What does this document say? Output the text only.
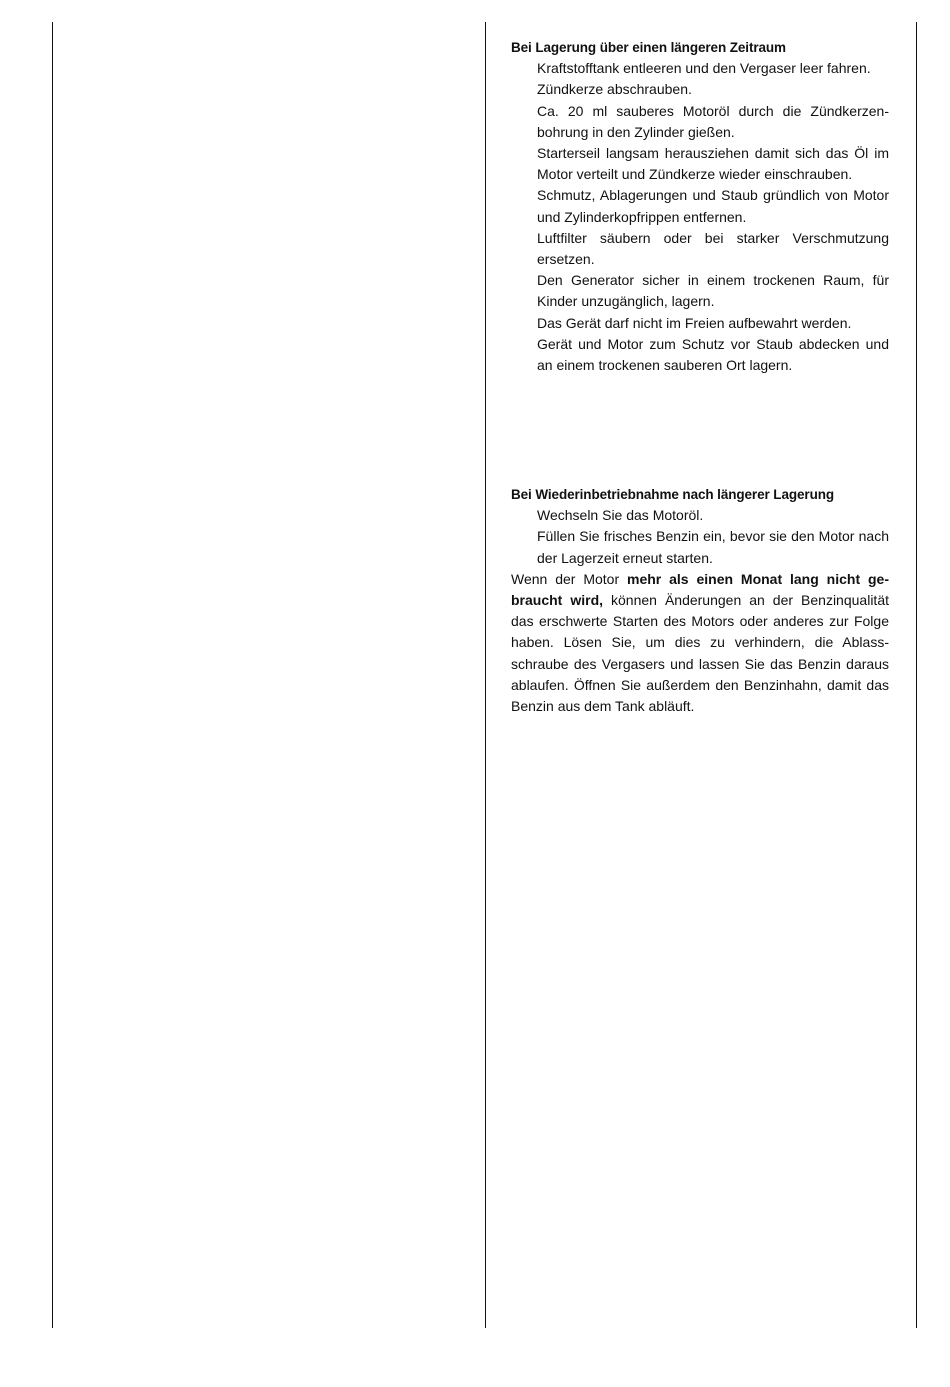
Bei Lagerung über einen längeren Zeitraum
Kraftstofftank entleeren und den Vergaser leer fahren.
Zündkerze abschrauben.
Ca. 20 ml sauberes Motoröl durch die Zündkerzen-bohrung in den Zylinder gießen.
Starterseil langsam herausziehen damit sich das Öl im Motor verteilt und Zündkerze wieder einschrauben.
Schmutz, Ablagerungen und Staub gründlich von Motor und Zylinderkopfrippen entfernen.
Luftfilter säubern oder bei starker Verschmutzung ersetzen.
Den Generator sicher in einem trockenen Raum, für Kinder unzugänglich, lagern.
Das Gerät darf nicht im Freien aufbewahrt werden.
Gerät und Motor zum Schutz vor Staub abdecken und an einem trockenen sauberen Ort lagern.
Bei Wiederinbetriebnahme nach längerer Lagerung
Wechseln Sie das Motoröl.
Füllen Sie frisches Benzin ein, bevor sie den Motor nach der Lagerzeit erneut starten.
Wenn der Motor mehr als einen Monat lang nicht gebraucht wird, können Änderungen an der Benzinqualität das erschwerte Starten des Motors oder anderes zur Folge haben. Lösen Sie, um dies zu verhindern, die Ablassschraube des Vergasers und lassen Sie das Benzin daraus ablaufen. Öffnen Sie außerdem den Benzinhahn, damit das Benzin aus dem Tank abläuft.
